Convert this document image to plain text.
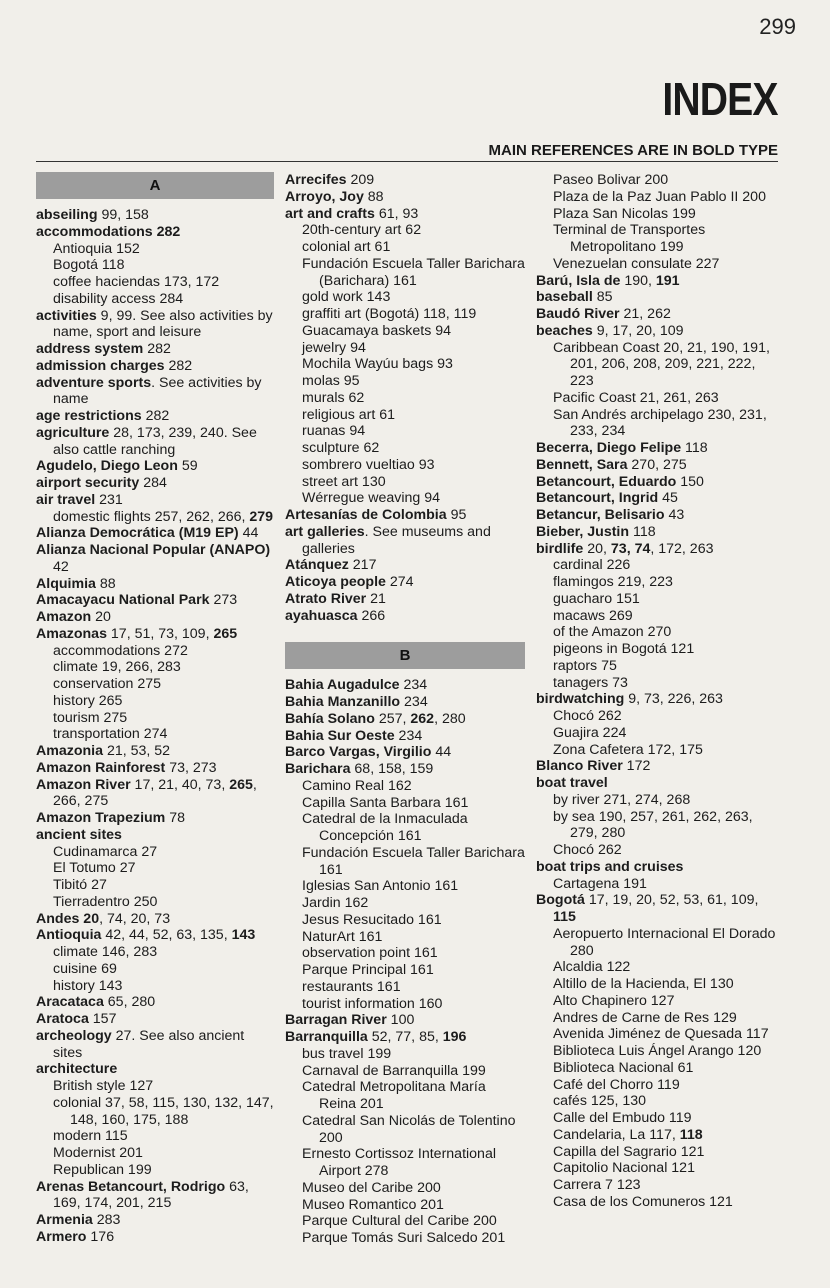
299
INDEX
MAIN REFERENCES ARE IN BOLD TYPE
A
abseiling 99, 158
accommodations 282
Antioquia 152
Bogotá 118
coffee haciendas 173, 172
disability access 284
activities 9, 99. See also activities by name, sport and leisure
address system 282
admission charges 282
adventure sports. See activities by name
age restrictions 282
agriculture 28, 173, 239, 240. See also cattle ranching
Agudelo, Diego Leon 59
airport security 284
air travel 231
domestic flights 257, 262, 266, 279
Alianza Democrática (M19 EP) 44
Alianza Nacional Popular (ANAPO) 42
Alquimia 88
Amacayacu National Park 273
Amazon 20
Amazonas 17, 51, 73, 109, 265
accommodations 272
climate 19, 266, 283
conservation 275
history 265
tourism 275
transportation 274
Amazonia 21, 53, 52
Amazon Rainforest 73, 273
Amazon River 17, 21, 40, 73, 265, 266, 275
Amazon Trapezium 78
ancient sites
Cudinamarca 27
El Totumo 27
Tibitó 27
Tierradentro 250
Andes 20, 74, 20, 73
Antioquia 42, 44, 52, 63, 135, 143
climate 146, 283
cuisine 69
history 143
Aracataca 65, 280
Aratoca 157
archeology 27. See also ancient sites
architecture
British style 127
colonial 37, 58, 115, 130, 132, 147, 148, 160, 175, 188
modern 115
Modernist 201
Republican 199
Arenas Betancourt, Rodrigo 63, 169, 174, 201, 215
Armenia 283
Armero 176
Arrecifes 209
Arroyo, Joy 88
art and crafts 61, 93
20th-century art 62
colonial art 61
Fundación Escuela Taller Barichara (Barichara) 161
gold work 143
graffiti art (Bogotá) 118, 119
Guacamaya baskets 94
jewelry 94
Mochila Wayúu bags 93
molas 95
murals 62
religious art 61
ruanas 94
sculpture 62
sombrero vueltiao 93
street art 130
Wérregue weaving 94
Artesanías de Colombia 95
art galleries. See museums and galleries
Atánquez 217
Aticoya people 274
Atrato River 21
ayahuasca 266
B
Bahia Augadulce 234
Bahia Manzanillo 234
Bahía Solano 257, 262, 280
Bahia Sur Oeste 234
Barco Vargas, Virgilio 44
Barichara 68, 158, 159
Camino Real 162
Capilla Santa Barbara 161
Catedral de la Inmaculada Concepción 161
Fundación Escuela Taller Barichara 161
Iglesias San Antonio 161
Jardin 162
Jesus Resucitado 161
NaturArt 161
observation point 161
Parque Principal 161
restaurants 161
tourist information 160
Barragan River 100
Barranquilla 52, 77, 85, 196
bus travel 199
Carnaval de Barranquilla 199
Catedral Metropolitana María Reina 201
Catedral San Nicolás de Tolentino 200
Ernesto Cortissoz International Airport 278
Museo del Caribe 200
Museo Romantico 201
Parque Cultural del Caribe 200
Parque Tomás Suri Salcedo 201
Paseo Bolivar 200
Plaza de la Paz Juan Pablo II 200
Plaza San Nicolas 199
Terminal de Transportes Metropolitano 199
Venezuelan consulate 227
Barú, Isla de 190, 191
baseball 85
Baudó River 21, 262
beaches 9, 17, 20, 109
Caribbean Coast 20, 21, 190, 191, 201, 206, 208, 209, 221, 222, 223
Pacific Coast 21, 261, 263
San Andrés archipelago 230, 231, 233, 234
Becerra, Diego Felipe 118
Bennett, Sara 270, 275
Betancourt, Eduardo 150
Betancourt, Ingrid 45
Betancur, Belisario 43
Bieber, Justin 118
birdlife 20, 73, 74, 172, 263
cardinal 226
flamingos 219, 223
guacharo 151
macaws 269
of the Amazon 270
pigeons in Bogotá 121
raptors 75
tanagers 73
birdwatching 9, 73, 226, 263
Chocó 262
Guajira 224
Zona Cafetera 172, 175
Blanco River 172
boat travel
by river 271, 274, 268
by sea 190, 257, 261, 262, 263, 279, 280
Chocó 262
boat trips and cruises
Cartagena 191
Bogotá 17, 19, 20, 52, 53, 61, 109, 115
Aeropuerto Internacional El Dorado 280
Alcaldia 122
Altillo de la Hacienda, El 130
Alto Chapinero 127
Andres de Carne de Res 129
Avenida Jiménez de Quesada 117
Biblioteca Luis Ángel Arango 120
Biblioteca Nacional 61
Café del Chorro 119
cafés 125, 130
Calle del Embudo 119
Candelaria, La 117, 118
Capilla del Sagrario 121
Capitolio Nacional 121
Carrera 7 123
Casa de los Comuneros 121
